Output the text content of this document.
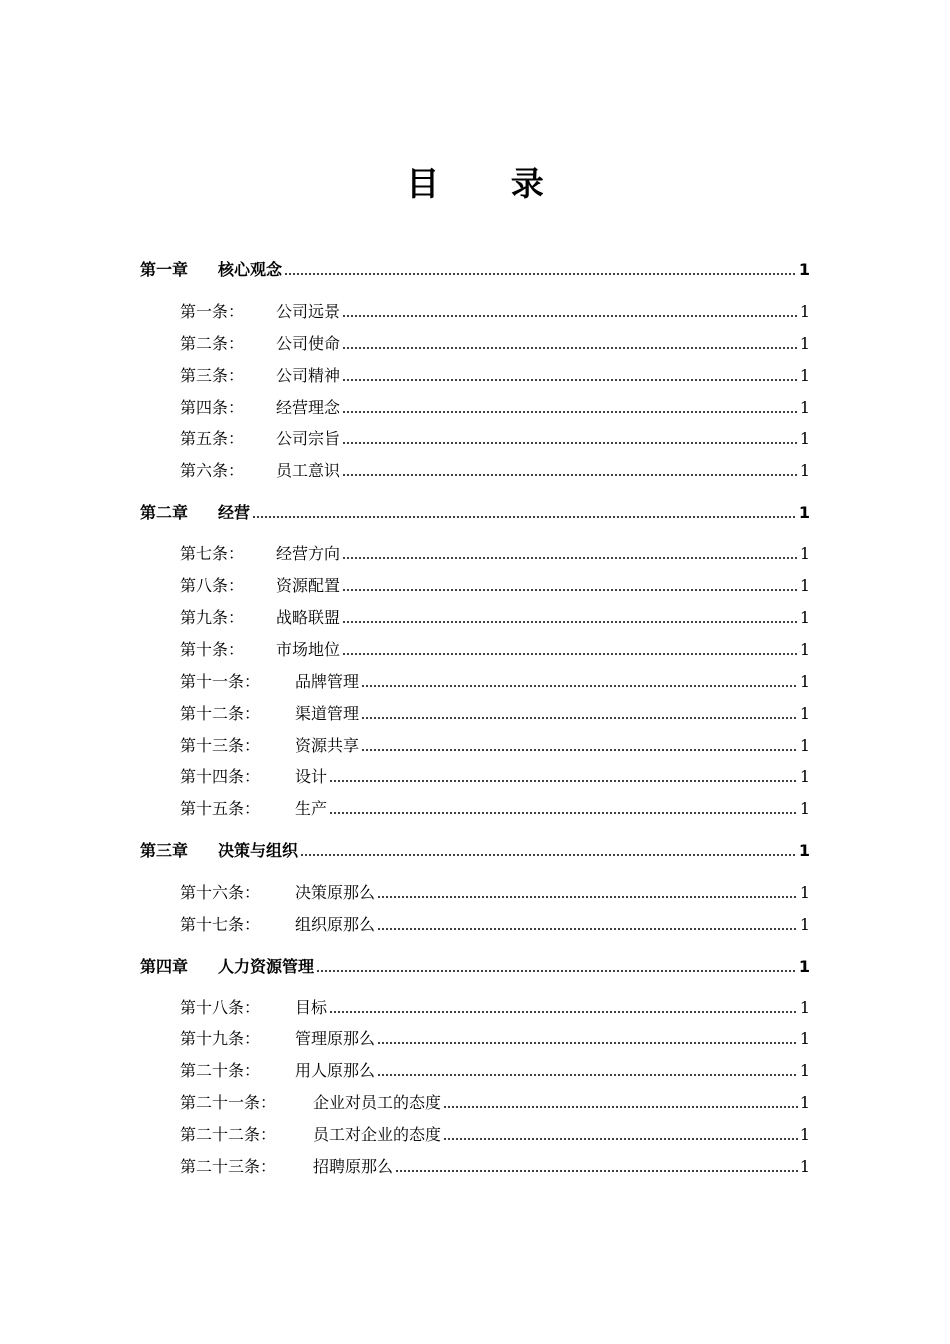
目 录
第一章	核心观念	1
第一条：	公司远景	1
第二条：	公司使命	1
第三条：	公司精神	1
第四条：	经营理念	1
第五条：	公司宗旨	1
第六条：	员工意识	1
第二章	经营	1
第七条：	经营方向	1
第八条：	资源配置	1
第九条：	战略联盟	1
第十条：	市场地位	1
第十一条：	品牌管理	1
第十二条：	渠道管理	1
第十三条：	资源共享	1
第十四条：	设计	1
第十五条：	生产	1
第三章	决策与组织	1
第十六条：	决策原那么	1
第十七条：	组织原那么	1
第四章	人力资源管理	1
第十八条：	目标	1
第十九条：	管理原那么	1
第二十条：	用人原那么	1
第二十一条：	企业对员工的态度	1
第二十二条：	员工对企业的态度	1
第二十三条：	招聘原那么	1
